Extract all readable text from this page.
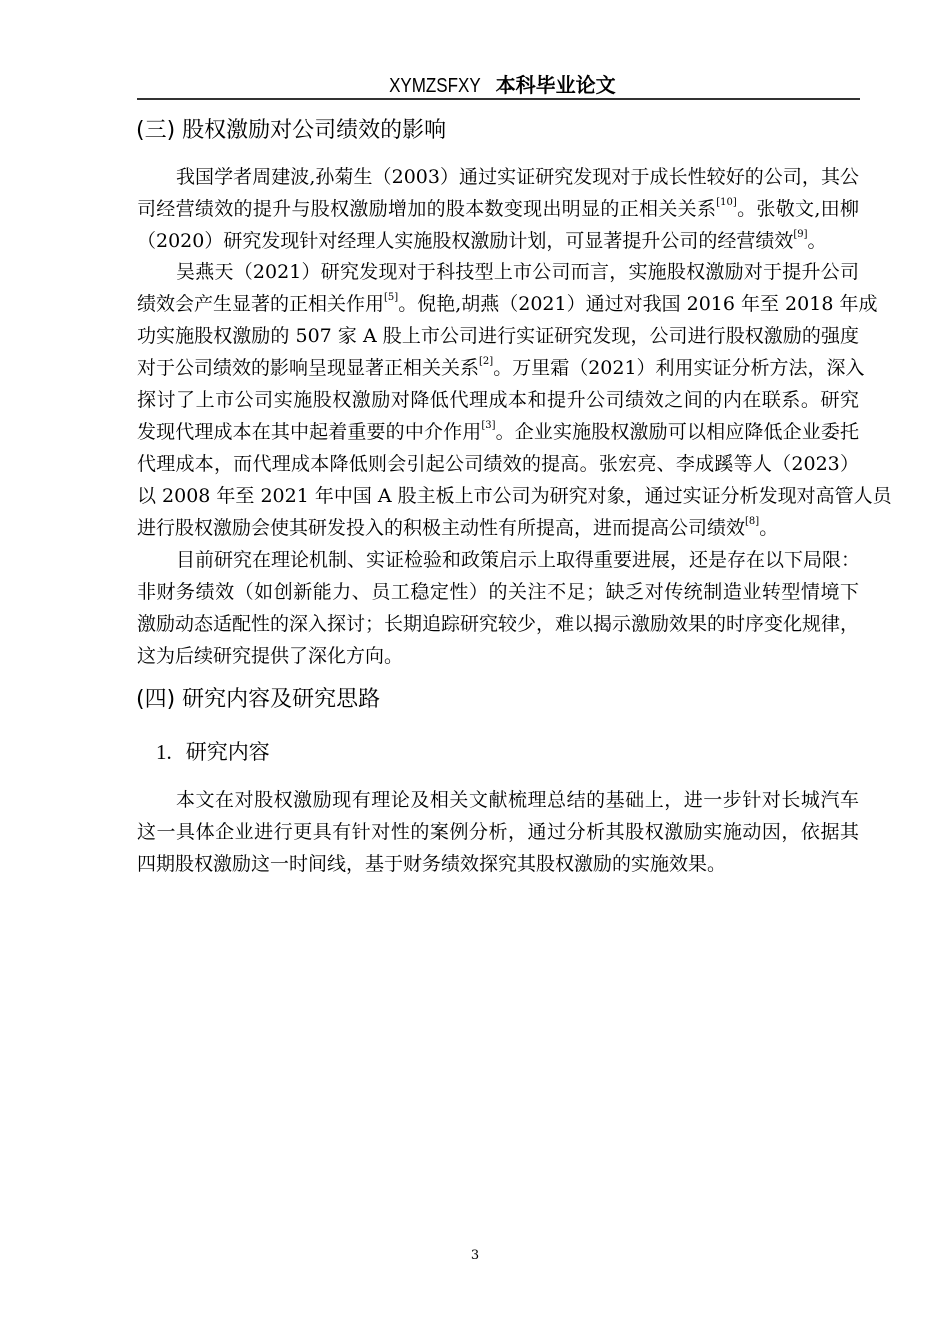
XYMZSFXY 本科毕业论文
(三) 股权激励对公司绩效的影响
我国学者周建波,孙菊生（2003）通过实证研究发现对于成长性较好的公司，其公
司经营绩效的提升与股权激励增加的股本数变现出明显的正相关关系[10]。张敬文,田柳
（2020）研究发现针对经理人实施股权激励计划，可显著提升公司的经营绩效[9]。
吴燕天（2021）研究发现对于科技型上市公司而言，实施股权激励对于提升公司
绩效会产生显著的正相关作用[5]。倪艳,胡燕（2021）通过对我国 2016 年至 2018 年成
功实施股权激励的 507 家 A 股上市公司进行实证研究发现，公司进行股权激励的强度
对于公司绩效的影响呈现显著正相关关系[2]。万里霜（2021）利用实证分析方法，深入
探讨了上市公司实施股权激励对降低代理成本和提升公司绩效之间的内在联系。研究
发现代理成本在其中起着重要的中介作用[3]。企业实施股权激励可以相应降低企业委托
代理成本，而代理成本降低则会引起公司绩效的提高。张宏亮、李成蹊等人（2023）
以 2008 年至 2021 年中国 A 股主板上市公司为研究对象，通过实证分析发现对高管人员
进行股权激励会使其研发投入的积极主动性有所提高，进而提高公司绩效[8]。
目前研究在理论机制、实证检验和政策启示上取得重要进展，还是存在以下局限：
非财务绩效（如创新能力、员工稳定性）的关注不足；缺乏对传统制造业转型情境下
激励动态适配性的深入探讨；长期追踪研究较少，难以揭示激励效果的时序变化规律，
这为后续研究提供了深化方向。
(四) 研究内容及研究思路
1. 研究内容
本文在对股权激励现有理论及相关文献梳理总结的基础上，进一步针对长城汽车
这一具体企业进行更具有针对性的案例分析，通过分析其股权激励实施动因，依据其
四期股权激励这一时间线，基于财务绩效探究其股权激励的实施效果。
3
